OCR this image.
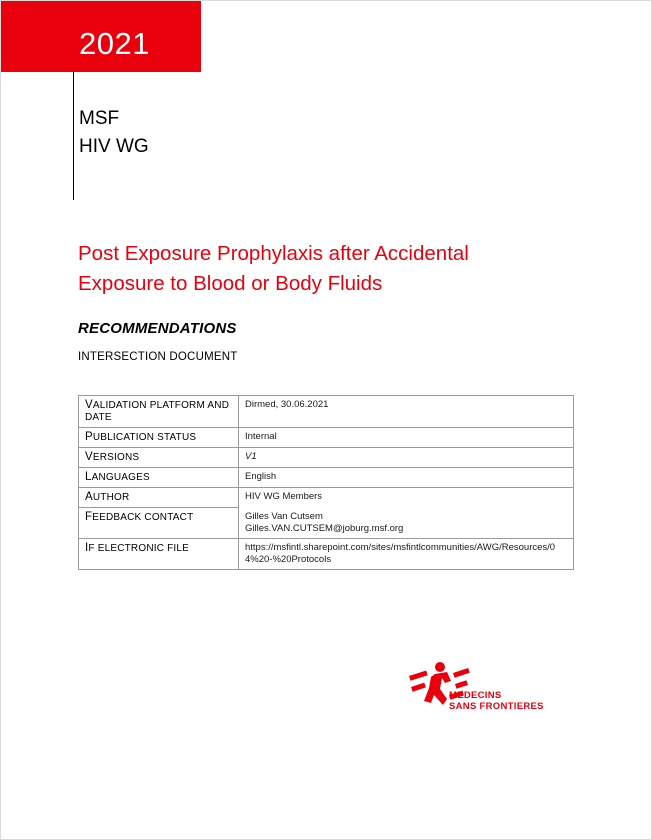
2021
MSF
HIV WG
Post Exposure Prophylaxis after Accidental Exposure to Blood or Body Fluids
RECOMMENDATIONS
INTERSECTION DOCUMENT
VALIDATION PLATFORM AND
DATE	Dirmed, 30.06.2021
PUBLICATION STATUS	Internal
VERSIONS	V1
LANGUAGES	English
AUTHOR	HIV WG Members
FEEDBACK CONTACT	Gilles Van Cutsem
Gilles.VAN.CUTSEM@joburg.msf.org

IF ELECTRONIC FILE	https://msfintl.sharepoint.com/sites/msfintlcommunities/AWG/Resources/04%20-%20Protocols
MEDECINS
SANS FRONTIERES
